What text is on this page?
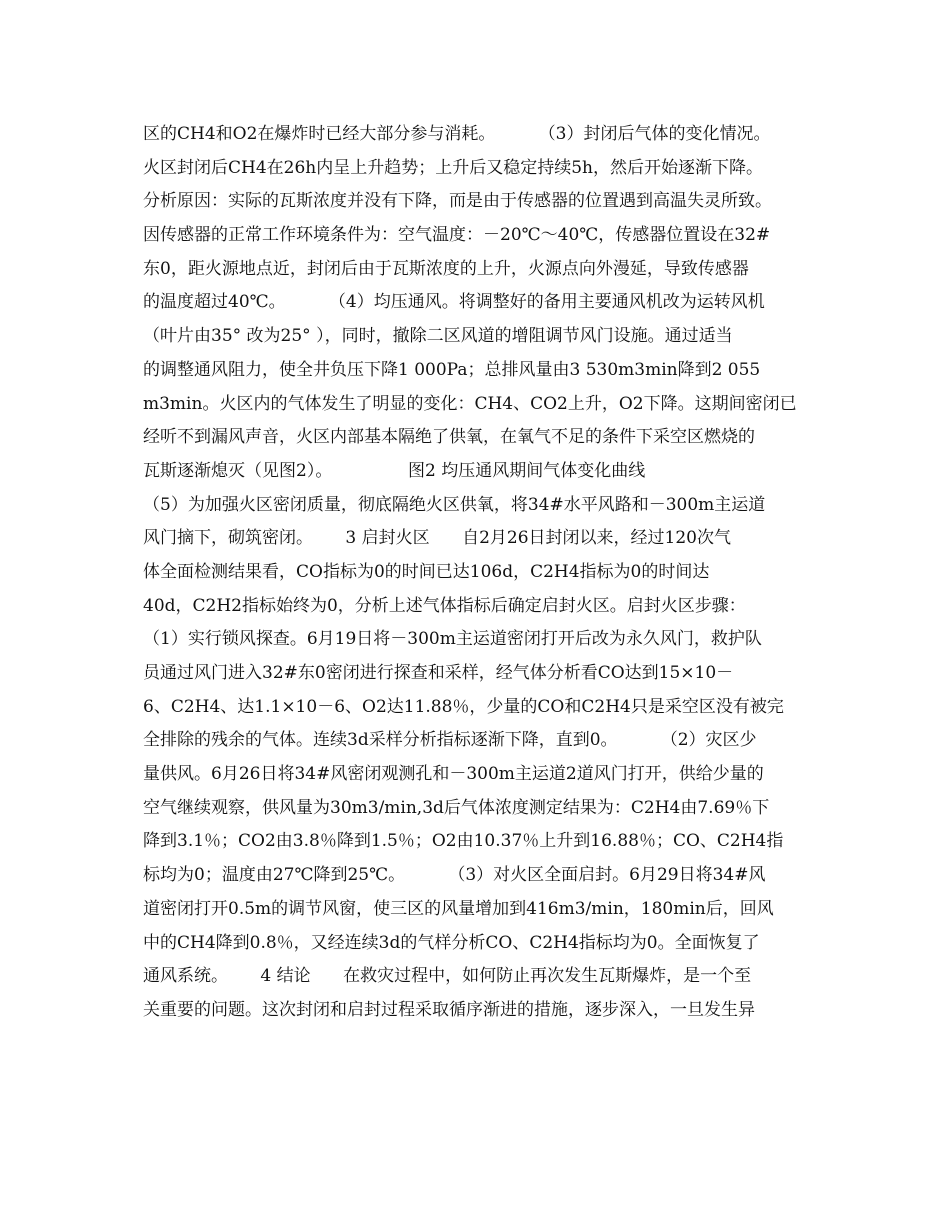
区的CH4和O2在爆炸时已经大部分参与消耗。        （3）封闭后气体的变化情况。
火区封闭后CH4在26h内呈上升趋势；上升后又稳定持续5h，然后开始逐渐下降。
分析原因：实际的瓦斯浓度并没有下降，而是由于传感器的位置遇到高温失灵所致。
因传感器的正常工作环境条件为：空气温度：－20℃～40℃，传感器位置设在32#
东0，距火源地点近，封闭后由于瓦斯浓度的上升，火源点向外漫延，导致传感器
的温度超过40℃。        （4）均压通风。将调整好的备用主要通风机改为运转风机
（叶片由35° 改为25° ），同时，撤除二区风道的增阻调节风门设施。通过适当
的调整通风阻力，使全井负压下降1 000Pa；总排风量由3 530m3min降到2 055
m3min。火区内的气体发生了明显的变化：CH4、CO2上升，O2下降。这期间密闭已
经听不到漏风声音，火区内部基本隔绝了供氧，在氧气不足的条件下采空区燃烧的
瓦斯逐渐熄灭（见图2）。              图2 均压通风期间气体变化曲线
（5）为加强火区密闭质量，彻底隔绝火区供氧，将34#水平风路和－300m主运道
风门摘下，砌筑密闭。      3 启封火区      自2月26日封闭以来，经过120次气
体全面检测结果看，CO指标为0的时间已达106d，C2H4指标为0的时间达
40d，C2H2指标始终为0，分析上述气体指标后确定启封火区。启封火区步骤：
（1）实行锁风探查。6月19日将－300m主运道密闭打开后改为永久风门，救护队
员通过风门进入32#东0密闭进行探查和采样，经气体分析看CO达到15×10－
6、C2H4、达1.1×10－6、O2达11.88％，少量的CO和C2H4只是采空区没有被完
全排除的残余的气体。连续3d采样分析指标逐渐下降，直到0。        （2）灾区少
量供风。6月26日将34#风密闭观测孔和－300m主运道2道风门打开，供给少量的
空气继续观察，供风量为30m3/min,3d后气体浓度测定结果为：C2H4由7.69％下
降到3.1％；CO2由3.8％降到1.5％；O2由10.37％上升到16.88％；CO、C2H4指
标均为0；温度由27℃降到25℃。        （3）对火区全面启封。6月29日将34#风
道密闭打开0.5m的调节风窗，使三区的风量增加到416m3/min，180min后，回风
中的CH4降到0.8％，又经连续3d的气样分析CO、C2H4指标均为0。全面恢复了
通风系统。      4 结论      在救灾过程中，如何防止再次发生瓦斯爆炸，是一个至
关重要的问题。这次封闭和启封过程采取循序渐进的措施，逐步深入，一旦发生异
